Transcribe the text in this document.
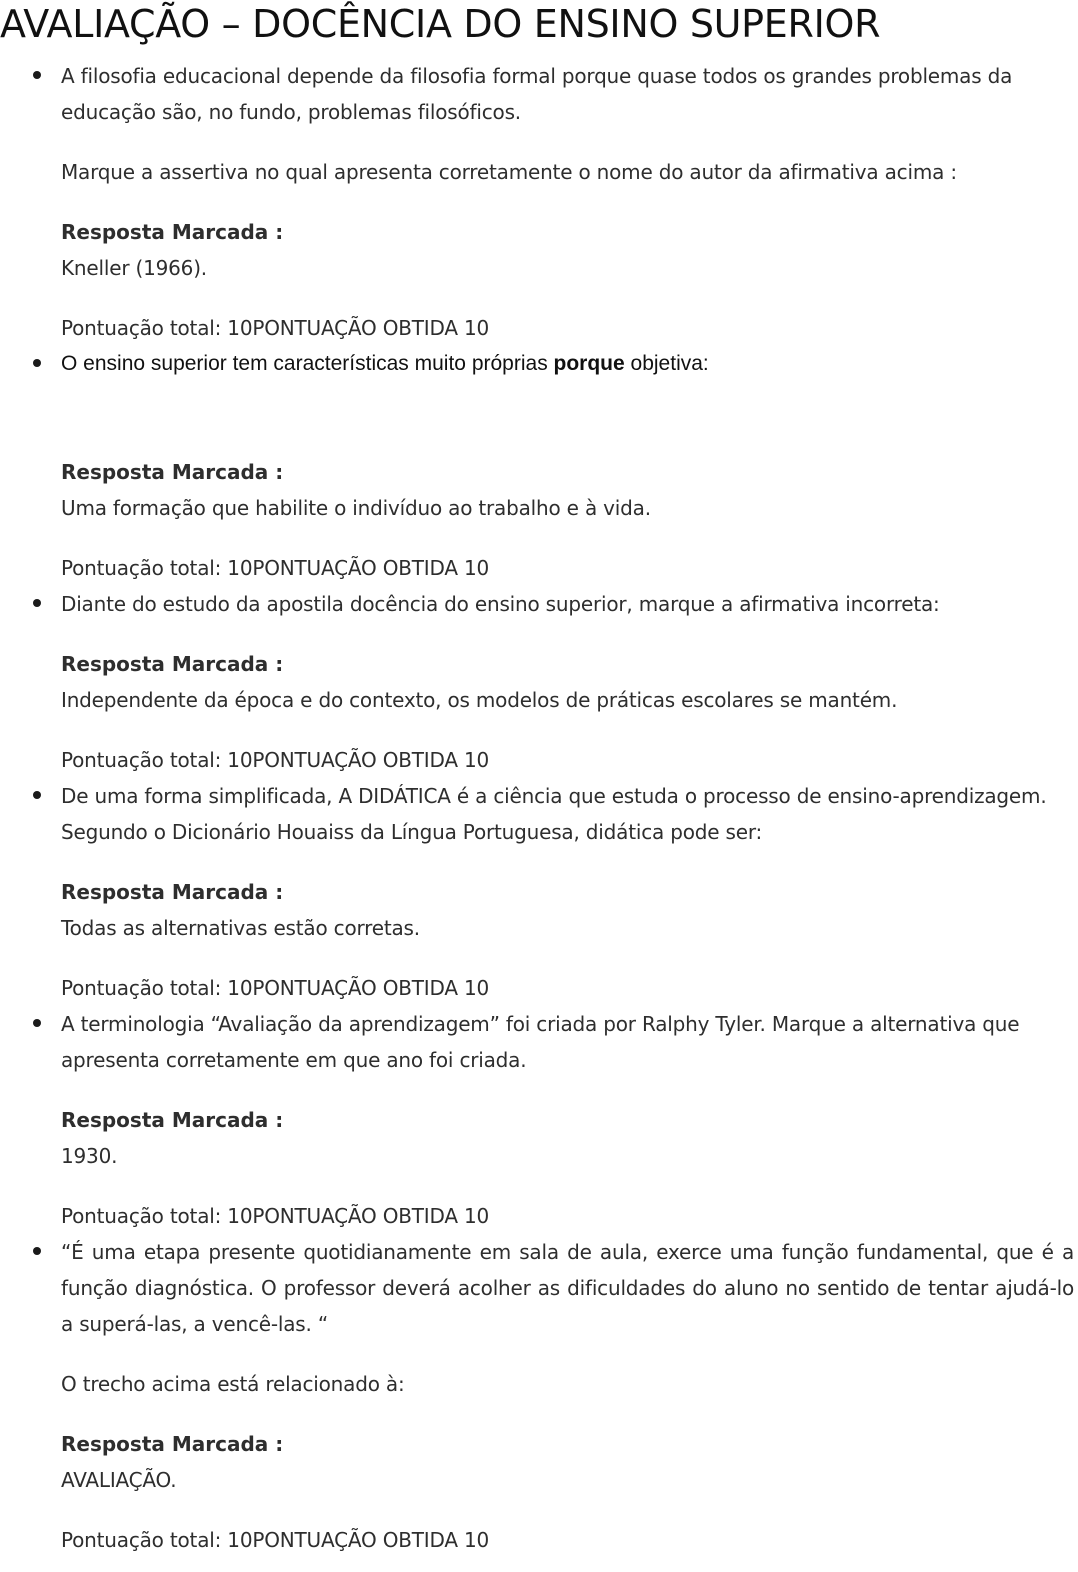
AVALIAÇÃO – DOCÊNCIA DO ENSINO SUPERIOR

A filosofia educacional depende da filosofia formal porque quase todos os grandes problemas da educação são, no fundo, problemas filosóficos.

Marque a assertiva no qual apresenta corretamente o nome do autor da afirmativa acima :

Resposta Marcada :

Kneller (1966).

Pontuação total: 10PONTUAÇÃO OBTIDA 10

O ensino superior tem características muito próprias porque objetiva:

Resposta Marcada :

Uma formação que habilite o indivíduo ao trabalho e à vida.

Pontuação total: 10PONTUAÇÃO OBTIDA 10

Diante do estudo da apostila docência do ensino superior, marque a afirmativa incorreta:

Resposta Marcada :

Independente da época e do contexto, os modelos de práticas escolares se mantém.

Pontuação total: 10PONTUAÇÃO OBTIDA 10

De uma forma simplificada, A DIDÁTICA é a ciência que estuda o processo de ensino-aprendizagem. Segundo o Dicionário Houaiss da Língua Portuguesa, didática pode ser:

Resposta Marcada :

Todas as alternativas estão corretas.

Pontuação total: 10PONTUAÇÃO OBTIDA 10

A terminologia “Avaliação da aprendizagem” foi criada por Ralphy Tyler. Marque a alternativa que apresenta corretamente em que ano foi criada.

Resposta Marcada :

1930.

Pontuação total: 10PONTUAÇÃO OBTIDA 10

“É uma etapa presente quotidianamente em sala de aula, exerce uma função fundamental, que é a função diagnóstica. O professor deverá acolher as dificuldades do aluno no sentido de tentar ajudá-lo a superá-las, a vencê-las. “

O trecho acima está relacionado à:

Resposta Marcada :

AVALIAÇÃO.

Pontuação total: 10PONTUAÇÃO OBTIDA 10
